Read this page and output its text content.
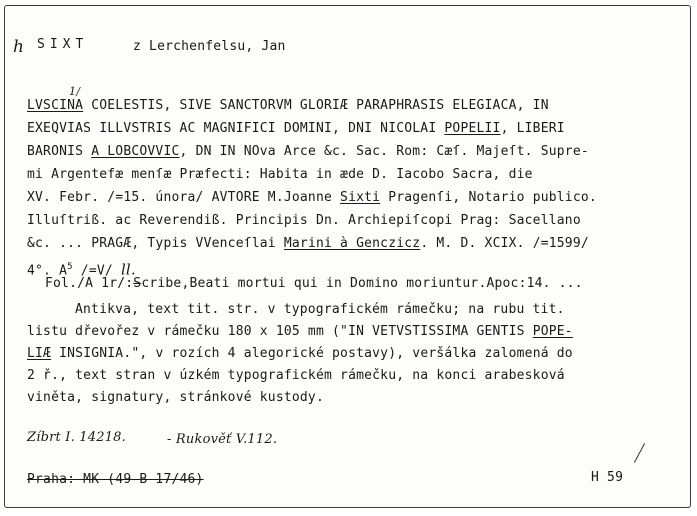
h SIXT	z Lerchenfelsu, Jan
1/
LVSCINA COELESTIS, SIVE SANCTORVM GLORIÆ PARAPHRASIS ELEGIACA, IN
EXEQVIAS ILLVSTRIS AC MAGNIFICI DOMINI, DNI NICOLAI POPELII, LIBERI
BARONIS A LOBCOVVIC, DN IN NOva Arce &c. Sac. Rom: Cæſ. Majeſt. Supre-
mi Argentefæ menſæ Præfecti: Habita in æde D. Iacobo Sacra, die
XV. Febr. /=15. února/ AVTORE M.Joanne Sixti Pragenſi, Notario publico.
Illuſtriß. ac Reverendiß. Principis Dn. Archiepiſcopi Prag: Sacellano
&c. ... PRAGÆ, Typis VVenceſlai Marini à Genczicz. M. D. XCIX. /=1599/
4°. $A^5$ /=V/ ll.
Fol./A 1r/:Scribe,Beati mortui qui in Domino moriuntur.Apoc:14. ...
Antikva, text tit. str. v typografickém rámečku; na rubu tit.
listu dřevořez v rámečku 180 x 105 mm ("IN VETVSTISSIMA GENTIS POPE-
LIÆ INSIGNIA.", v rozích 4 alegorické postavy), veršálka zalomená do
2 ř., text stran v úzkém typografickém rámečku, na konci arabesková
viněta, signatury, stránkové kustody.
Zíbrt I. 14218.	- Rukověť V.112.
Praha: MK (49 B 17/46)	H 59
